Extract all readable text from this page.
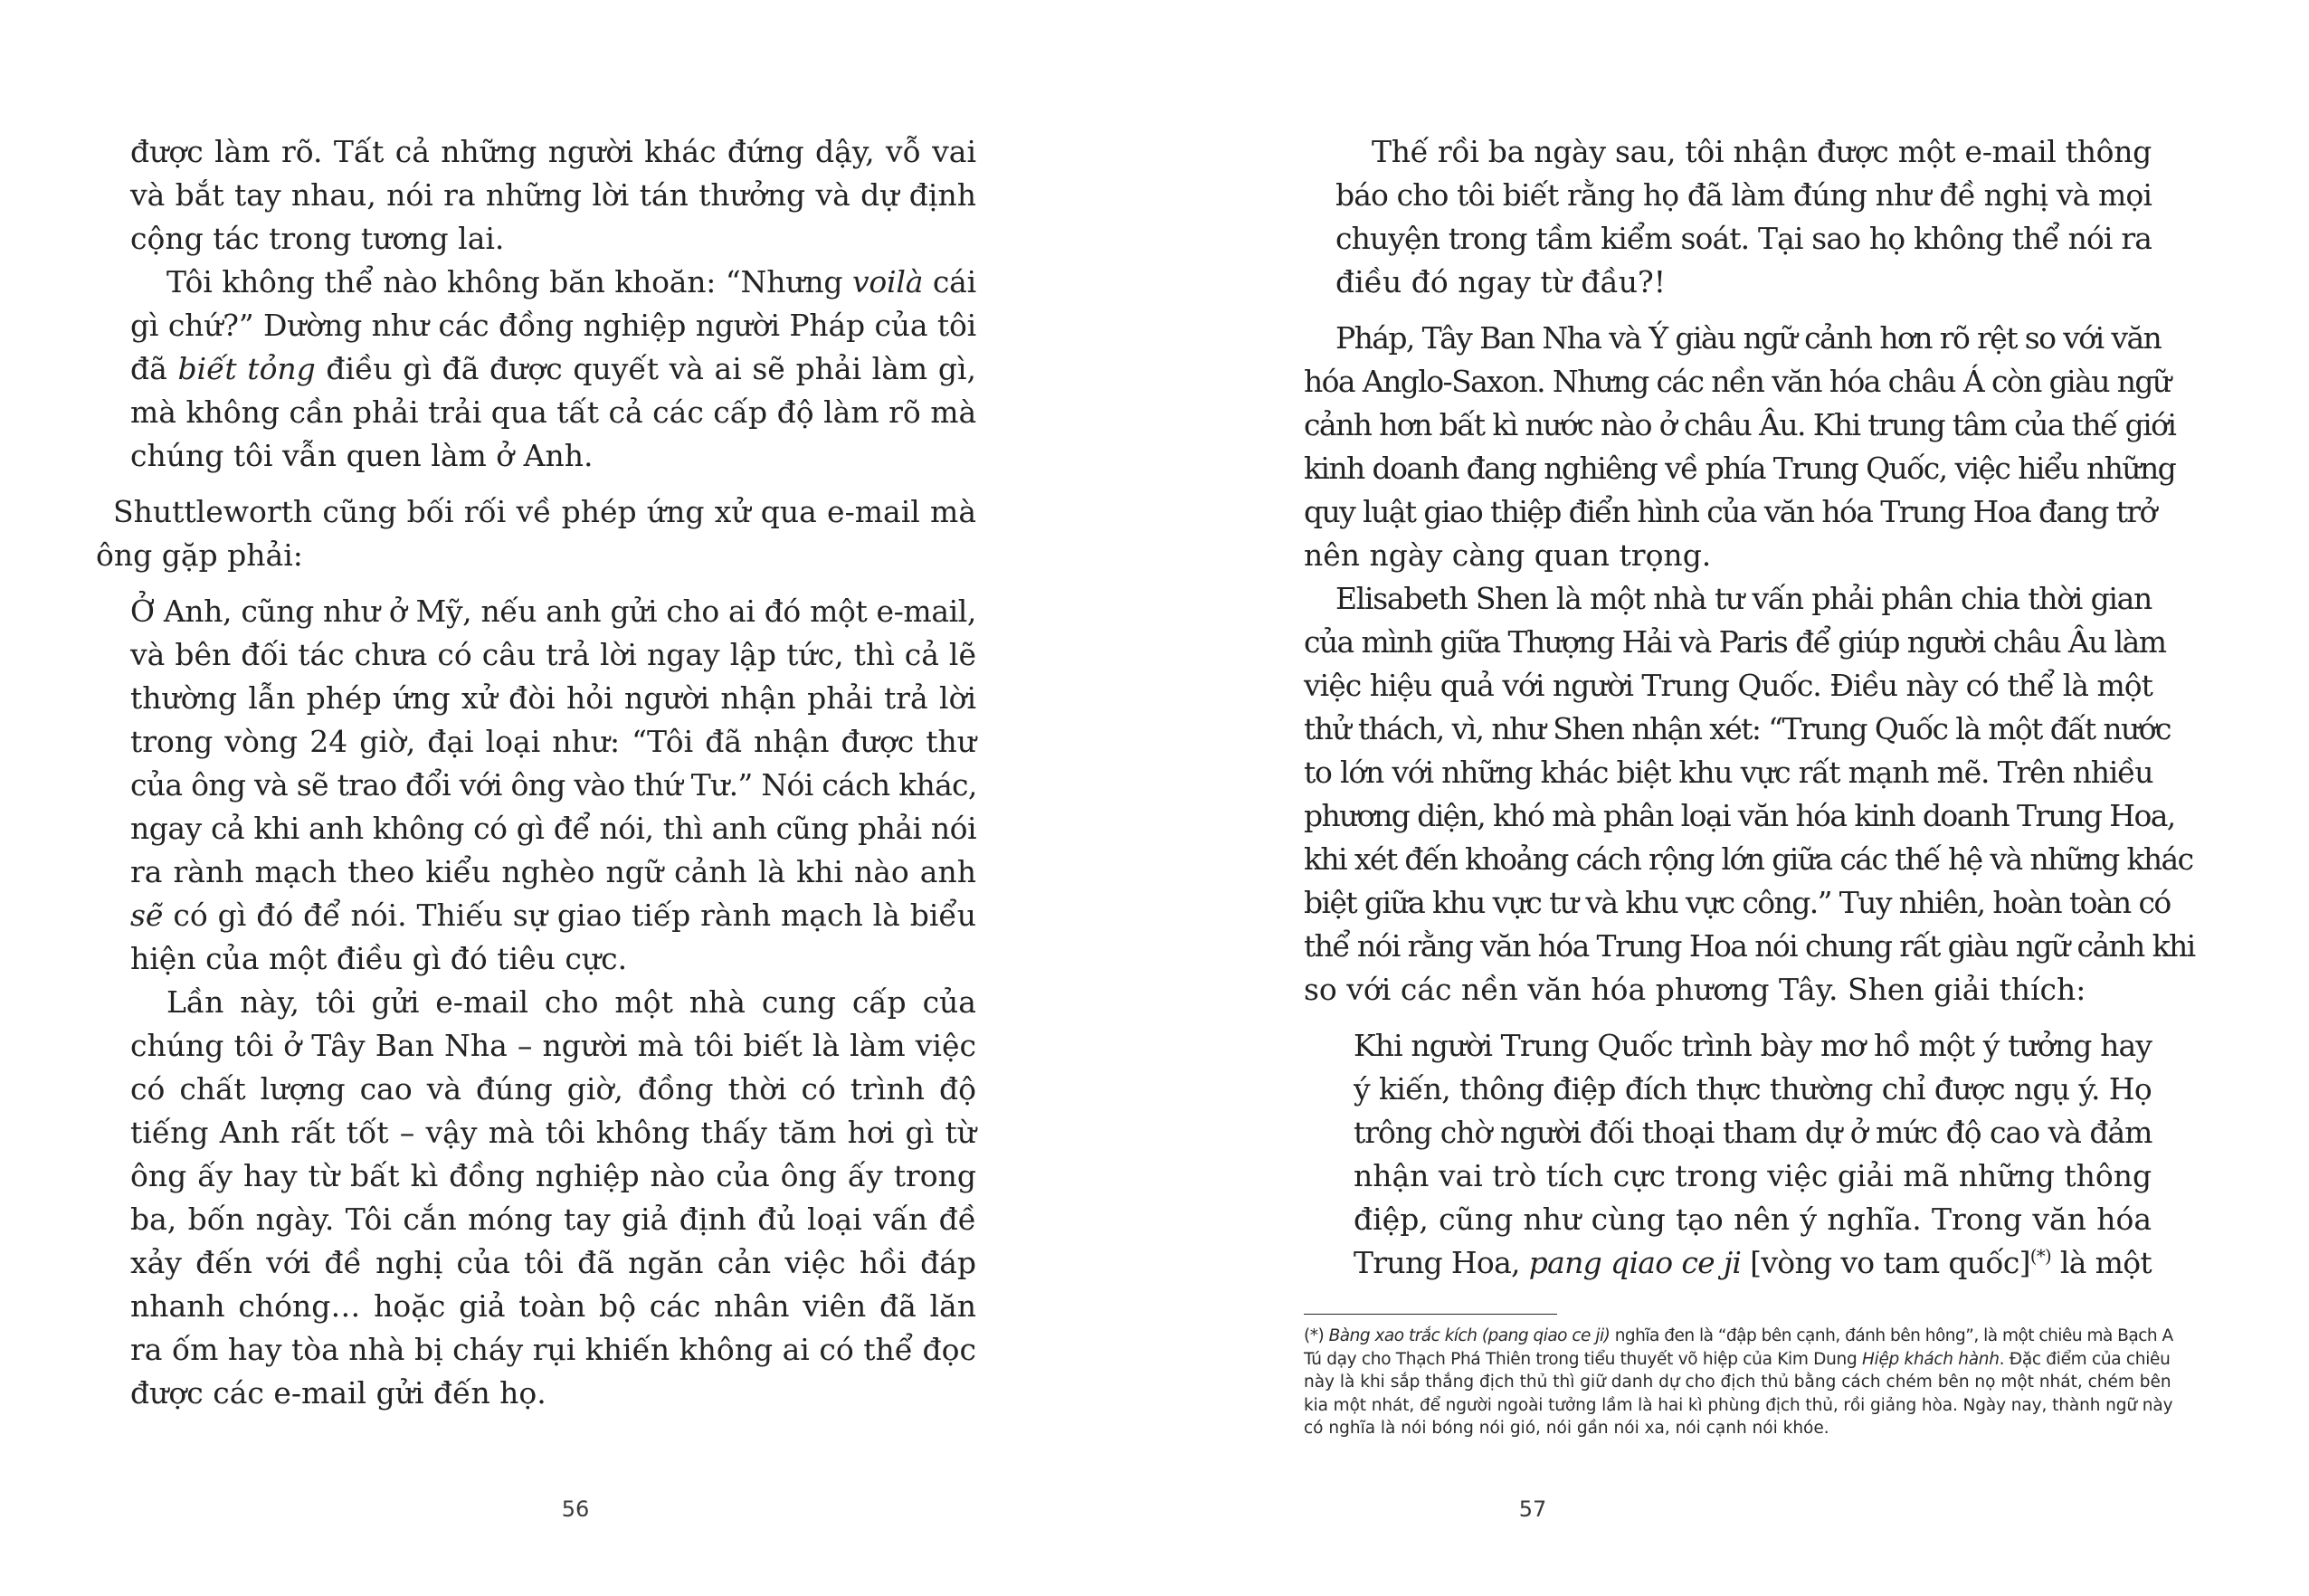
được làm rõ. Tất cả những người khác đứng dậy, vỗ vai
và bắt tay nhau, nói ra những lời tán thưởng và dự định
cộng tác trong tương lai.
Tôi không thể nào không băn khoăn: “Nhưng voilà cái
gì chứ?” Dường như các đồng nghiệp người Pháp của tôi
đã biết tỏng điều gì đã được quyết và ai sẽ phải làm gì,
mà không cần phải trải qua tất cả các cấp độ làm rõ mà
chúng tôi vẫn quen làm ở Anh.
Shuttleworth cũng bối rối về phép ứng xử qua e-mail mà
ông gặp phải:
Ở Anh, cũng như ở Mỹ, nếu anh gửi cho ai đó một e-mail,
và bên đối tác chưa có câu trả lời ngay lập tức, thì cả lẽ
thường lẫn phép ứng xử đòi hỏi người nhận phải trả lời
trong vòng 24 giờ, đại loại như: “Tôi đã nhận được thư
của ông và sẽ trao đổi với ông vào thứ Tư.” Nói cách khác,
ngay cả khi anh không có gì để nói, thì anh cũng phải nói
ra rành mạch theo kiểu nghèo ngữ cảnh là khi nào anh
sẽ có gì đó để nói. Thiếu sự giao tiếp rành mạch là biểu
hiện của một điều gì đó tiêu cực.
Lần này, tôi gửi e-mail cho một nhà cung cấp của
chúng tôi ở Tây Ban Nha – người mà tôi biết là làm việc
có chất lượng cao và đúng giờ, đồng thời có trình độ
tiếng Anh rất tốt – vậy mà tôi không thấy tăm hơi gì từ
ông ấy hay từ bất kì đồng nghiệp nào của ông ấy trong
ba, bốn ngày. Tôi cắn móng tay giả định đủ loại vấn đề
xảy đến với đề nghị của tôi đã ngăn cản việc hồi đáp
nhanh chóng… hoặc giả toàn bộ các nhân viên đã lăn
ra ốm hay tòa nhà bị cháy rụi khiến không ai có thể đọc
được các e-mail gửi đến họ.
56
Thế rồi ba ngày sau, tôi nhận được một e-mail thông
báo cho tôi biết rằng họ đã làm đúng như đề nghị và mọi
chuyện trong tầm kiểm soát. Tại sao họ không thể nói ra
điều đó ngay từ đầu?!
Pháp, Tây Ban Nha và Ý giàu ngữ cảnh hơn rõ rệt so với văn
hóa Anglo-Saxon. Nhưng các nền văn hóa châu Á còn giàu ngữ
cảnh hơn bất kì nước nào ở châu Âu. Khi trung tâm của thế giới
kinh doanh đang nghiêng về phía Trung Quốc, việc hiểu những
quy luật giao thiệp điển hình của văn hóa Trung Hoa đang trở
nên ngày càng quan trọng.
Elisabeth Shen là một nhà tư vấn phải phân chia thời gian
của mình giữa Thượng Hải và Paris để giúp người châu Âu làm
việc hiệu quả với người Trung Quốc. Điều này có thể là một
thử thách, vì, như Shen nhận xét: “Trung Quốc là một đất nước
to lớn với những khác biệt khu vực rất mạnh mẽ. Trên nhiều
phương diện, khó mà phân loại văn hóa kinh doanh Trung Hoa,
khi xét đến khoảng cách rộng lớn giữa các thế hệ và những khác
biệt giữa khu vực tư và khu vực công.” Tuy nhiên, hoàn toàn có
thể nói rằng văn hóa Trung Hoa nói chung rất giàu ngữ cảnh khi
so với các nền văn hóa phương Tây. Shen giải thích:
Khi người Trung Quốc trình bày mơ hồ một ý tưởng hay
ý kiến, thông điệp đích thực thường chỉ được ngụ ý. Họ
trông chờ người đối thoại tham dự ở mức độ cao và đảm
nhận vai trò tích cực trong việc giải mã những thông
điệp, cũng như cùng tạo nên ý nghĩa. Trong văn hóa
Trung Hoa, pang qiao ce ji [vòng vo tam quốc](*) là một
(*) Bàng xao trắc kích (pang qiao ce ji) nghĩa đen là “đập bên cạnh, đánh bên hông”, là một chiêu mà Bạch A
Tú dạy cho Thạch Phá Thiên trong tiểu thuyết võ hiệp của Kim Dung Hiệp khách hành. Đặc điểm của chiêu
này là khi sắp thắng địch thủ thì giữ danh dự cho địch thủ bằng cách chém bên nọ một nhát, chém bên
kia một nhát, để người ngoài tưởng lầm là hai kì phùng địch thủ, rồi giảng hòa. Ngày nay, thành ngữ này
có nghĩa là nói bóng nói gió, nói gần nói xa, nói cạnh nói khóe.
57
